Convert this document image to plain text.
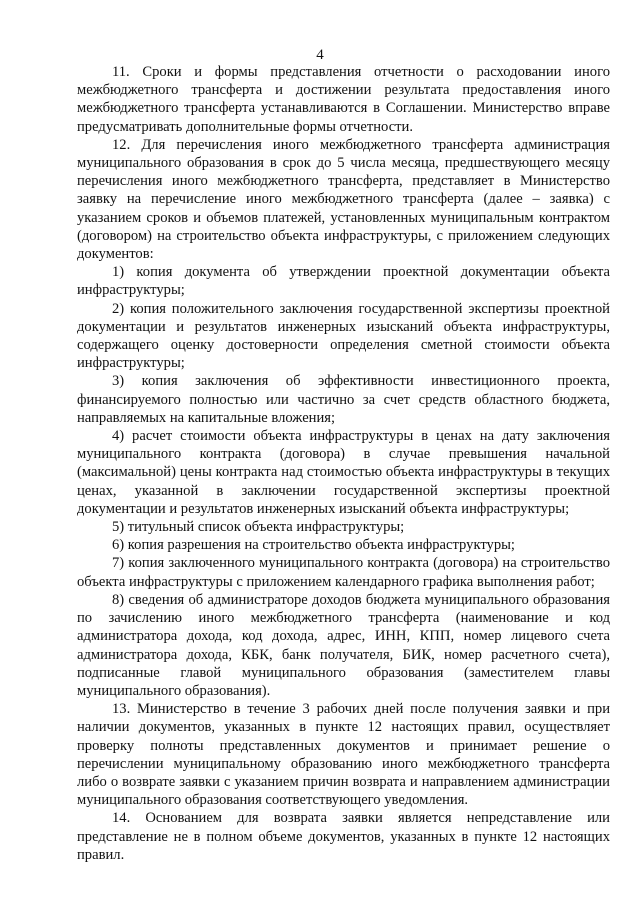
4

11. Сроки и формы представления отчетности о расходовании иного межбюджетного трансферта и достижении результата предоставления иного межбюджетного трансферта устанавливаются в Соглашении. Министерство вправе предусматривать дополнительные формы отчетности.

12. Для перечисления иного межбюджетного трансферта администрация муниципального образования в срок до 5 числа месяца, предшествующего месяцу перечисления иного межбюджетного трансферта, представляет в Министерство заявку на перечисление иного межбюджетного трансферта (далее – заявка) с указанием сроков и объемов платежей, установленных муниципальным контрактом (договором) на строительство объекта инфраструктуры, с приложением следующих документов:

1) копия документа об утверждении проектной документации объекта инфраструктуры;

2) копия положительного заключения государственной экспертизы проектной документации и результатов инженерных изысканий объекта инфраструктуры, содержащего оценку достоверности определения сметной стоимости объекта инфраструктуры;

3) копия заключения об эффективности инвестиционного проекта, финансируемого полностью или частично за счет средств областного бюджета, направляемых на капитальные вложения;

4) расчет стоимости объекта инфраструктуры в ценах на дату заключения муниципального контракта (договора) в случае превышения начальной (максимальной) цены контракта над стоимостью объекта инфраструктуры в текущих ценах, указанной в заключении государственной экспертизы проектной документации и результатов инженерных изысканий объекта инфраструктуры;

5) титульный список объекта инфраструктуры;

6) копия разрешения на строительство объекта инфраструктуры;

7) копия заключенного муниципального контракта (договора) на строительство объекта инфраструктуры с приложением календарного графика выполнения работ;

8) сведения об администраторе доходов бюджета муниципального образования по зачислению иного межбюджетного трансферта (наименование и код администратора дохода, код дохода, адрес, ИНН, КПП, номер лицевого счета администратора дохода, КБК, банк получателя, БИК, номер расчетного счета), подписанные главой муниципального образования (заместителем главы муниципального образования).

13. Министерство в течение 3 рабочих дней после получения заявки и при наличии документов, указанных в пункте 12 настоящих правил, осуществляет проверку полноты представленных документов и принимает решение о перечислении муниципальному образованию иного межбюджетного трансферта либо о возврате заявки с указанием причин возврата и направлением администрации муниципального образования соответствующего уведомления.

14. Основанием для возврата заявки является непредставление или представление не в полном объеме документов, указанных в пункте 12 настоящих правил.
